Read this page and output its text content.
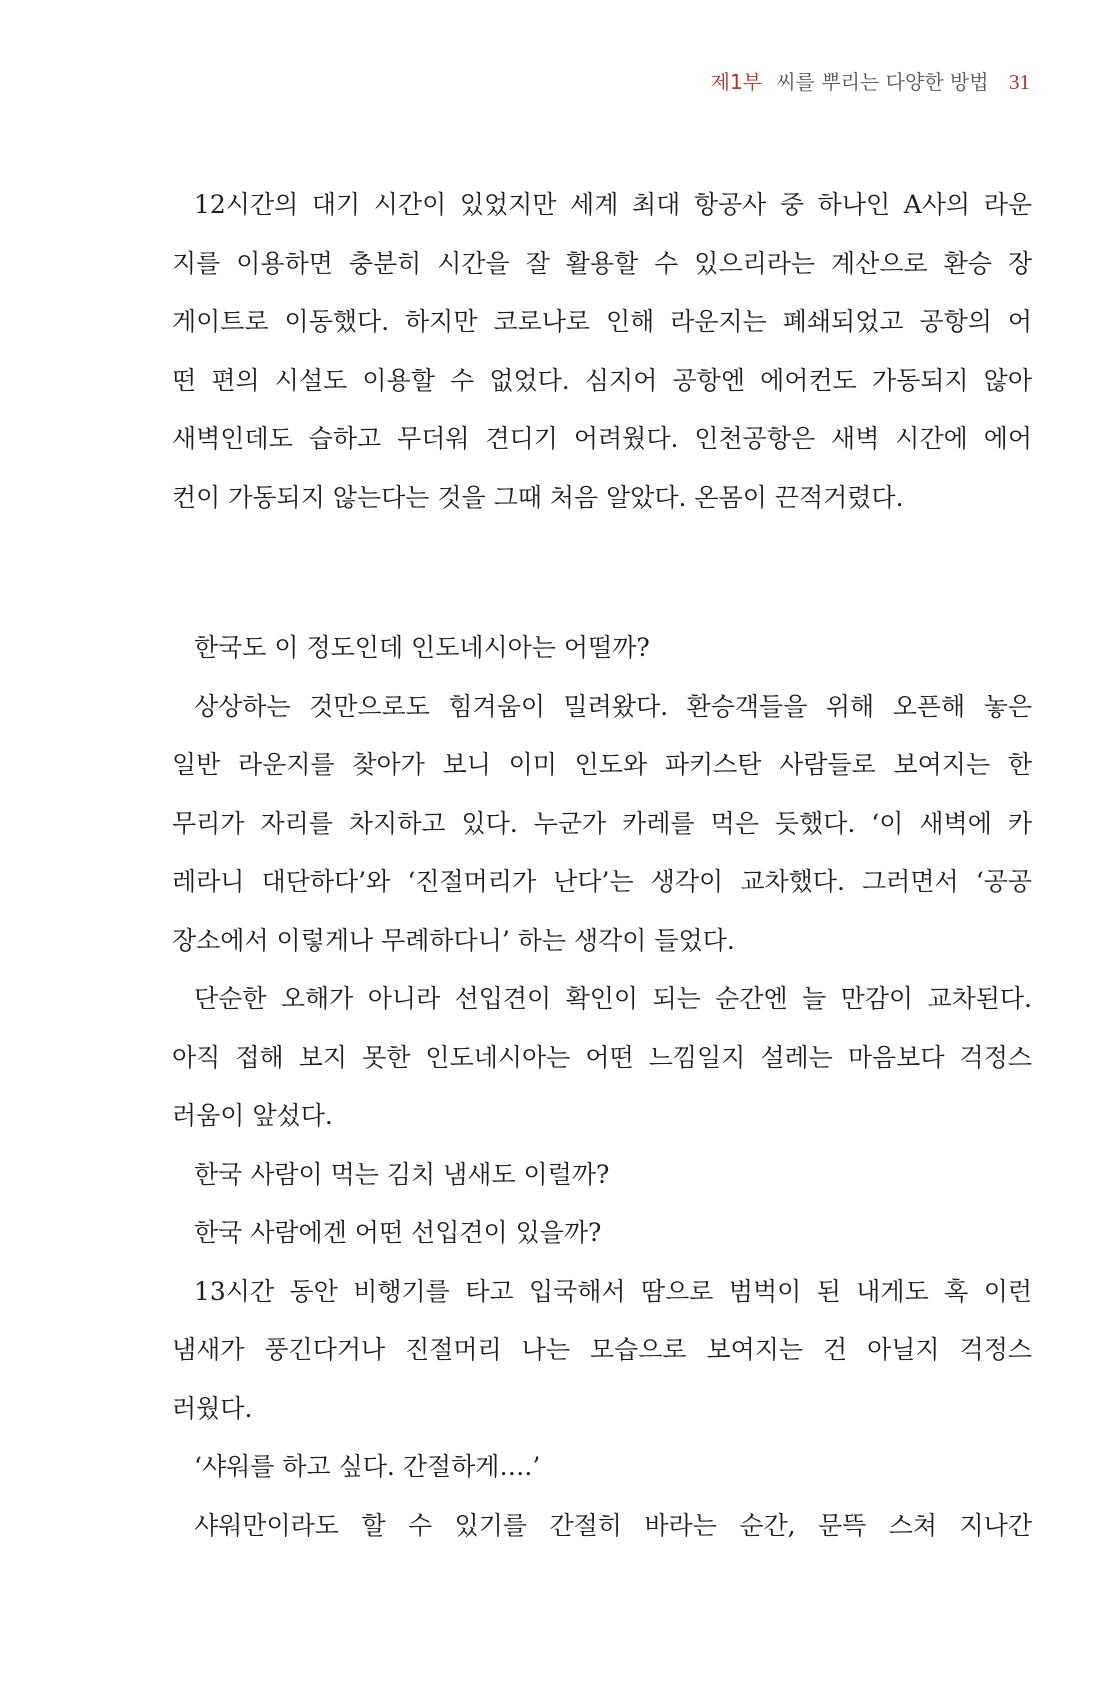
제1부 씨를 뿌리는 다양한 방법 31
12시간의 대기 시간이 있었지만 세계 최대 항공사 중 하나인 A사의 라운
지를 이용하면 충분히 시간을 잘 활용할 수 있으리라는 계산으로 환승 장
게이트로 이동했다. 하지만 코로나로 인해 라운지는 폐쇄되었고 공항의 어
떤 편의 시설도 이용할 수 없었다. 심지어 공항엔 에어컨도 가동되지 않아
새벽인데도 습하고 무더워 견디기 어려웠다. 인천공항은 새벽 시간에 에어
컨이 가동되지 않는다는 것을 그때 처음 알았다. 온몸이 끈적거렸다.
한국도 이 정도인데 인도네시아는 어떨까?
상상하는 것만으로도 힘겨움이 밀려왔다. 환승객들을 위해 오픈해 놓은
일반 라운지를 찾아가 보니 이미 인도와 파키스탄 사람들로 보여지는 한
무리가 자리를 차지하고 있다. 누군가 카레를 먹은 듯했다. ‘이 새벽에 카
레라니 대단하다’와 ‘진절머리가 난다’는 생각이 교차했다. 그러면서 ‘공공
장소에서 이렇게나 무례하다니’ 하는 생각이 들었다.
단순한 오해가 아니라 선입견이 확인이 되는 순간엔 늘 만감이 교차된다.
아직 접해 보지 못한 인도네시아는 어떤 느낌일지 설레는 마음보다 걱정스
러움이 앞섰다.
한국 사람이 먹는 김치 냄새도 이럴까?
한국 사람에겐 어떤 선입견이 있을까?
13시간 동안 비행기를 타고 입국해서 땀으로 범벅이 된 내게도 혹 이런
냄새가 풍긴다거나 진절머리 나는 모습으로 보여지는 건 아닐지 걱정스
러웠다.
‘샤워를 하고 싶다. 간절하게….’
샤워만이라도 할 수 있기를 간절히 바라는 순간, 문뜩 스쳐 지나간
